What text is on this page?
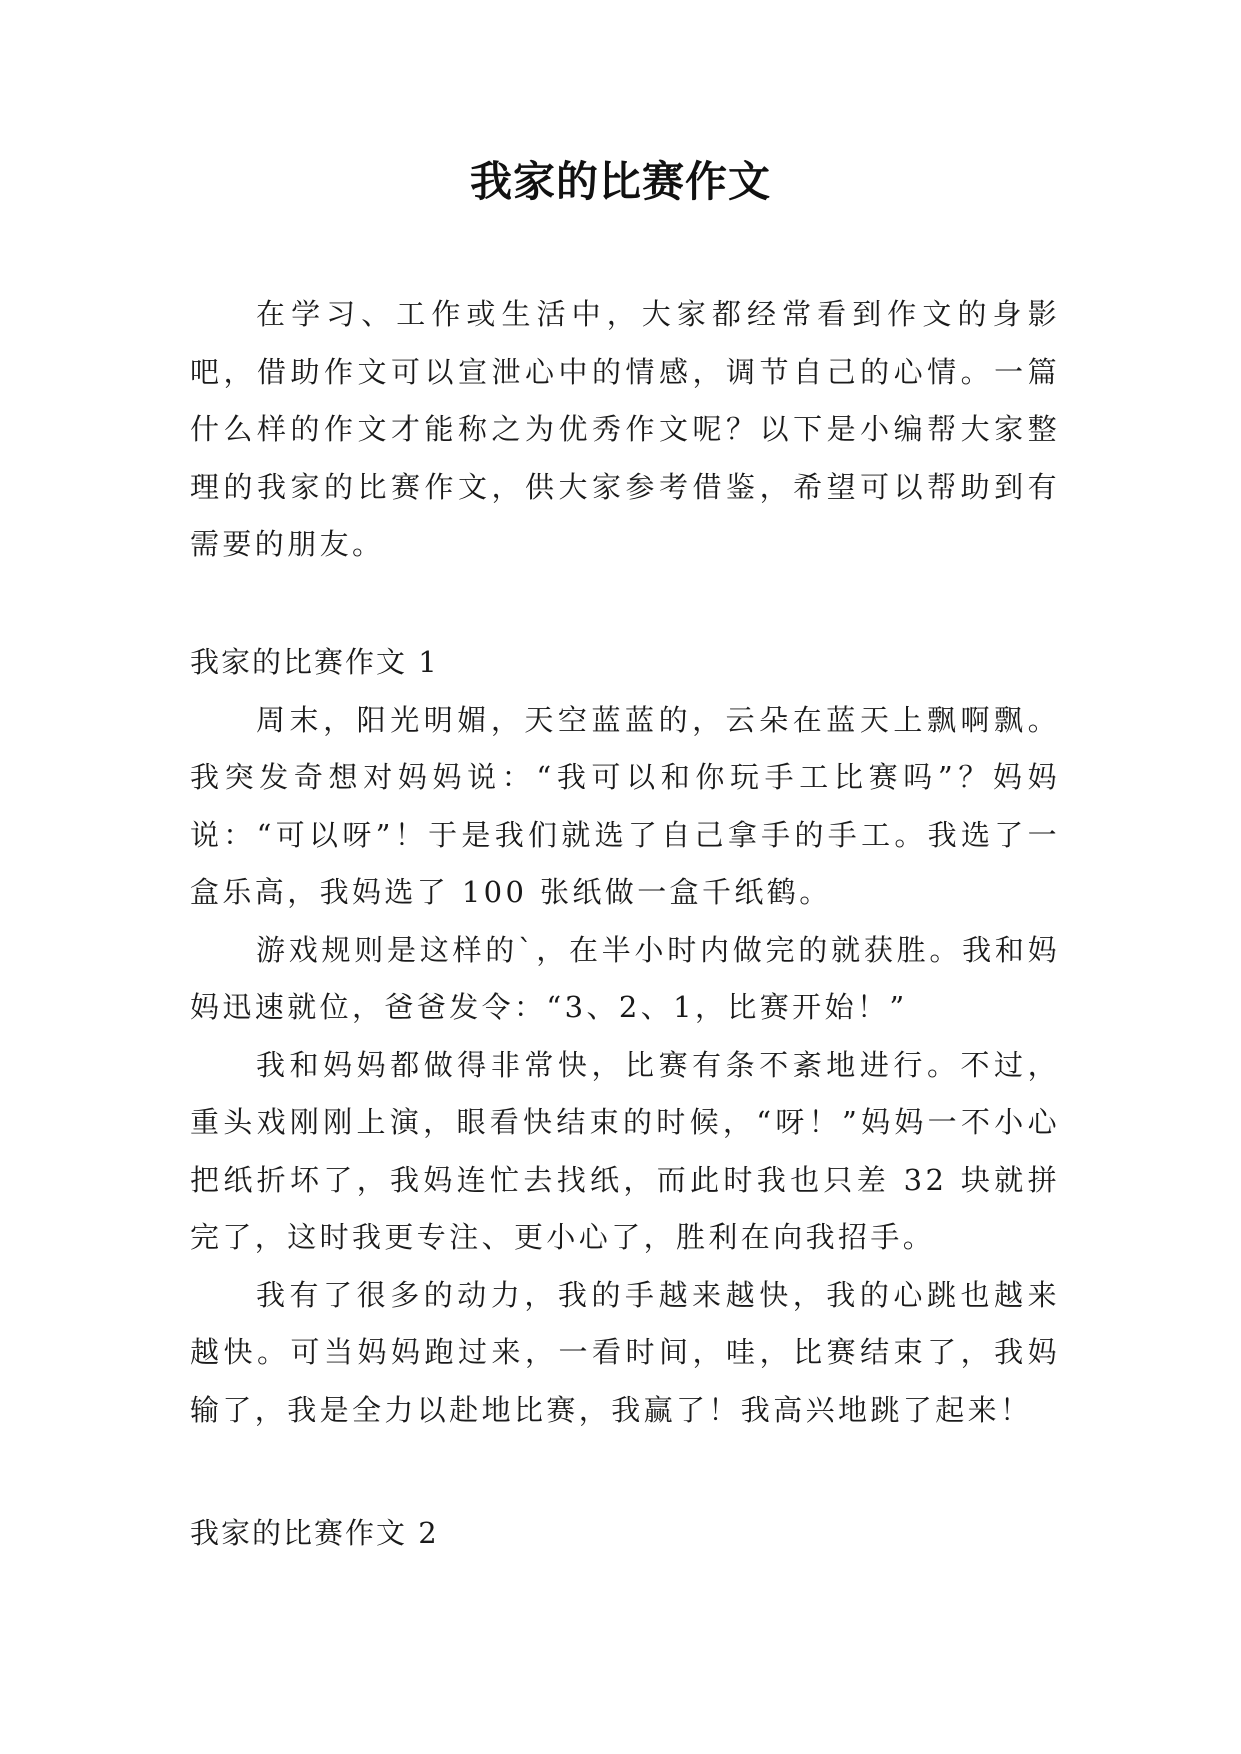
我家的比赛作文

在学习、工作或生活中，大家都经常看到作文的身影吧，借助作文可以宣泄心中的情感，调节自己的心情。一篇什么样的作文才能称之为优秀作文呢？以下是小编帮大家整理的我家的比赛作文，供大家参考借鉴，希望可以帮助到有需要的朋友。

我家的比赛作文 1

周末，阳光明媚，天空蓝蓝的，云朵在蓝天上飘啊飘。我突发奇想对妈妈说：“我可以和你玩手工比赛吗”？妈妈说：“可以呀”！于是我们就选了自己拿手的手工。我选了一盒乐高，我妈选了 100 张纸做一盒千纸鹤。

游戏规则是这样的`，在半小时内做完的就获胜。我和妈妈迅速就位，爸爸发令：“3、2、1，比赛开始！”

我和妈妈都做得非常快，比赛有条不紊地进行。不过，重头戏刚刚上演，眼看快结束的时候，“呀！”妈妈一不小心把纸折坏了，我妈连忙去找纸，而此时我也只差 32 块就拼完了，这时我更专注、更小心了，胜利在向我招手。

我有了很多的动力，我的手越来越快，我的心跳也越来越快。可当妈妈跑过来，一看时间，哇，比赛结束了，我妈输了，我是全力以赴地比赛，我赢了！我高兴地跳了起来！

我家的比赛作文 2
